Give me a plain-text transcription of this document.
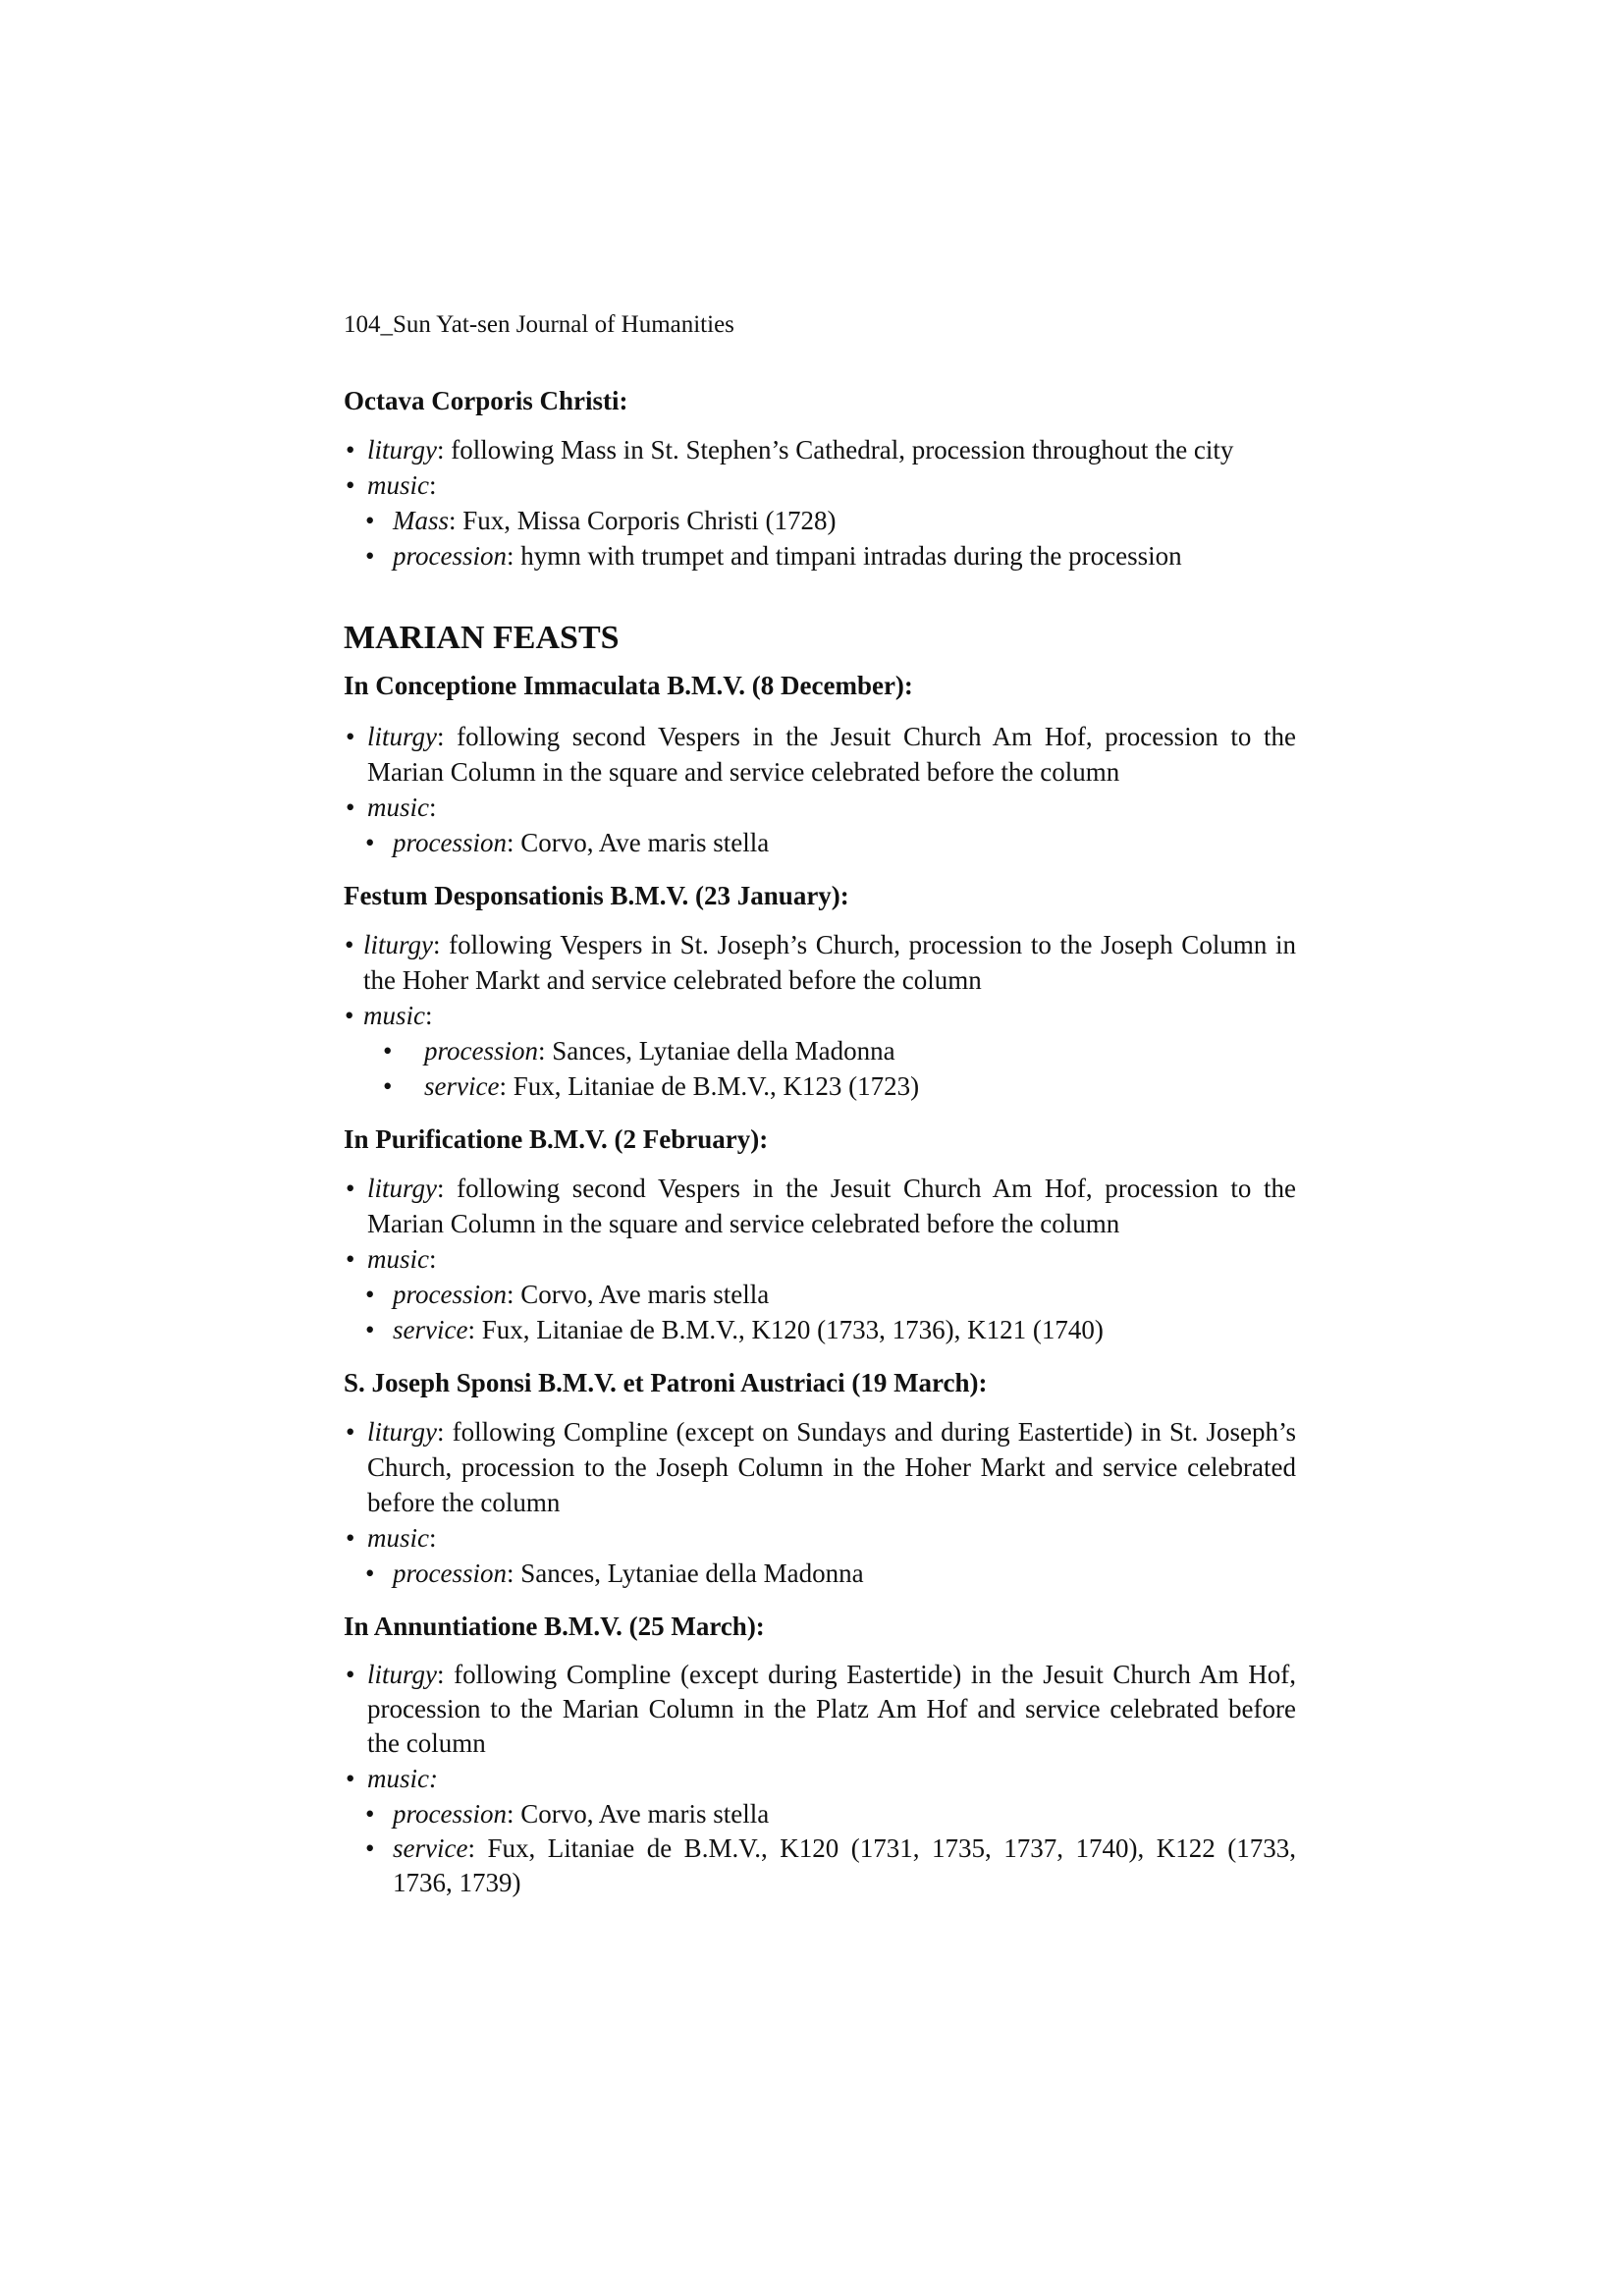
104_Sun Yat-sen Journal of Humanities
Octava Corporis Christi:
• liturgy: following Mass in St. Stephen’s Cathedral, procession throughout the city
• music:
• Mass: Fux, Missa Corporis Christi (1728)
• procession: hymn with trumpet and timpani intradas during the procession
MARIAN FEASTS
In Conceptione Immaculata B.M.V. (8 December):
• liturgy: following second Vespers in the Jesuit Church Am Hof, procession to the Marian Column in the square and service celebrated before the column
• music:
• procession: Corvo, Ave maris stella
Festum Desponsationis B.M.V. (23 January):
• liturgy: following Vespers in St. Joseph’s Church, procession to the Joseph Column in the Hoher Markt and service celebrated before the column
• music:
• procession: Sances, Lytaniae della Madonna
• service: Fux, Litaniae de B.M.V., K123 (1723)
In Purificatione B.M.V. (2 February):
• liturgy: following second Vespers in the Jesuit Church Am Hof, procession to the Marian Column in the square and service celebrated before the column
• music:
• procession: Corvo, Ave maris stella
• service: Fux, Litaniae de B.M.V., K120 (1733, 1736), K121 (1740)
S. Joseph Sponsi B.M.V. et Patroni Austriaci (19 March):
• liturgy: following Compline (except on Sundays and during Eastertide) in St. Joseph’s Church, procession to the Joseph Column in the Hoher Markt and service celebrated before the column
• music:
• procession: Sances, Lytaniae della Madonna
In Annuntiatione B.M.V. (25 March):
• liturgy: following Compline (except during Eastertide) in the Jesuit Church Am Hof, procession to the Marian Column in the Platz Am Hof and service celebrated before the column
• music:
• procession: Corvo, Ave maris stella
• service: Fux, Litaniae de B.M.V., K120 (1731, 1735, 1737, 1740), K122 (1733, 1736, 1739)
